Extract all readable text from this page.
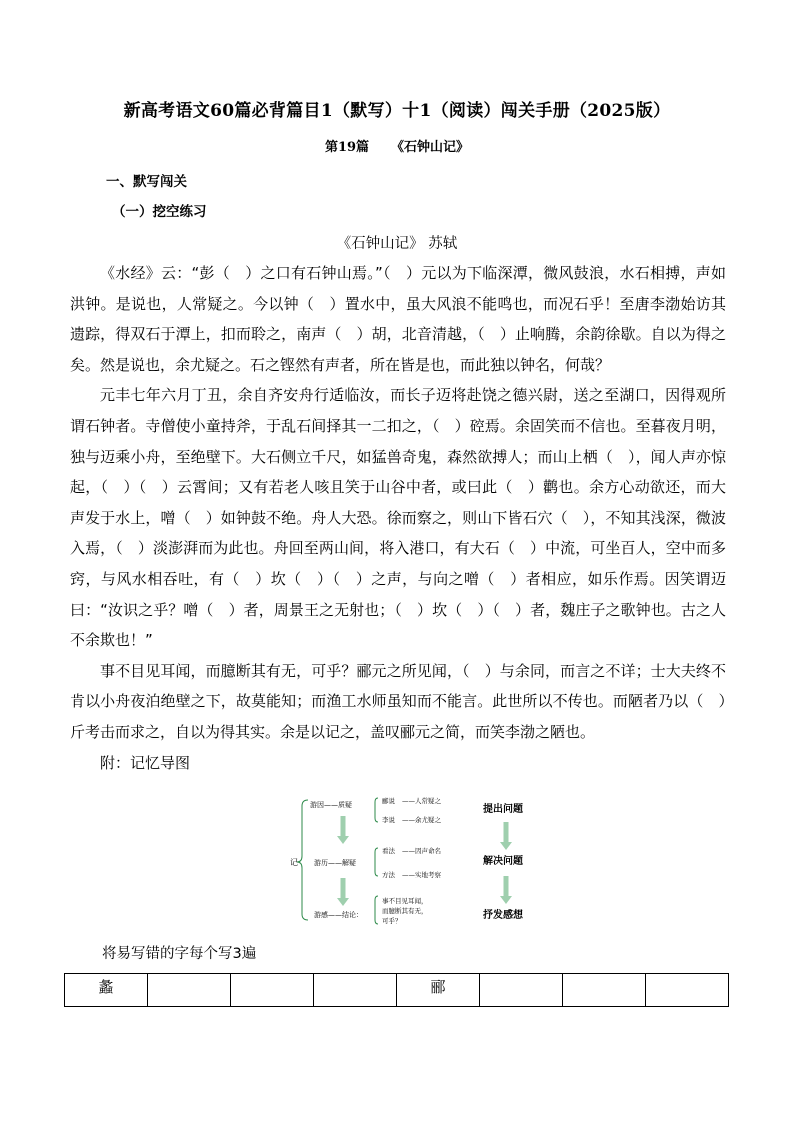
新高考语文60篇必背篇目1（默写）十1（阅读）闯关手册（2025版）
第19篇 《石钟山记》
一、默写闯关
（一）挖空练习
《石钟山记》 苏轼

《水经》云：“彭（　）之口有石钟山焉。”（　）元以为下临深潭，微风鼓浪，水石相搏，声如洪钟。是说也，人常疑之。今以钟（　）置水中，虽大风浪不能鸣也，而况石乎！至唐李渤始访其遗踪，得双石于潭上，扣而聆之，南声（　）胡，北音清越，（　）止响腾，余韵徐歇。自以为得之矣。然是说也，余尤疑之。石之铿然有声者，所在皆是也，而此独以钟名，何哉？

元丰七年六月丁丑，余自齐安舟行适临汝，而长子迈将赴饶之德兴尉，送之至湖口，因得观所谓石钟者。寺僧使小童持斧，于乱石间择其一二扣之，（　）硿焉。余固笑而不信也。至暮夜月明，独与迈乘小舟，至绝壁下。大石侧立千尺，如猛兽奇鬼，森然欲搏人；而山上栖（　），闻人声亦惊起，（　）（　）云霄间；又有若老人咳且笑于山谷中者，或曰此（　）鹳也。余方心动欲还，而大声发于水上，噌（　）如钟鼓不绝。舟人大恐。徐而察之，则山下皆石穴（　），不知其浅深，微波入焉，（　）淡澎湃而为此也。舟回至两山间，将入港口，有大石（　）中流，可坐百人，空中而多窍，与风水相吞吐，有（　）坎（　）（　）之声，与向之噌（　）者相应，如乐作焉。因笑谓迈曰：“汝识之乎？噌（　）者，周景王之无射也；（　）坎（　）（　）者，魏庄子之歌钟也。古之人不余欺也！”

事不目见耳闻，而臆断其有无，可乎？郦元之所见闻，（　）与余同，而言之不详；士大夫终不肯以小舟夜泊绝壁之下，故莫能知；而渔工水师虽知而不能言。此世所以不传也。而陋者乃以（　）斤考击而求之，自以为得其实。余是以记之，盖叹郦元之简，而笑李渤之陋也。

附：记忆导图

记
游因——质疑	郦说 ——人常疑之
李说 ——余尤疑之
提出问题
游历——解疑
看法 ——因声命名
方法 ——实地考察
解决问题
游感——结论：
事不目见耳闻，
而臆断其有无，
可乎？	抒发感想
将易写错的字每个写3遍
蠡				郦			
